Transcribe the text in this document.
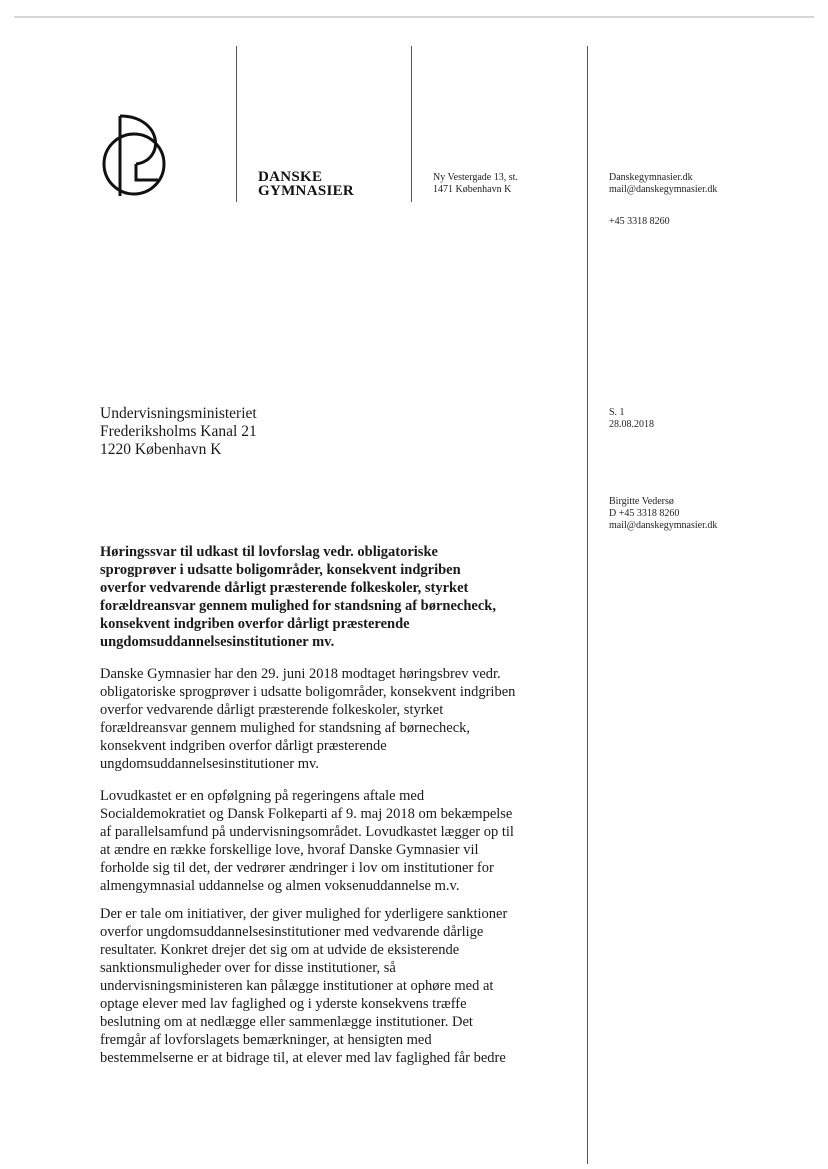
DANSKE
GYMNASIER
Ny Vestergade 13, st.
1471 København K
Danskegymnasier.dk
mail@danskegymnasier.dk
+45 3318 8260
Undervisningsministeriet
Frederiksholms Kanal 21
1220 København K
S. 1
28.08.2018
Birgitte Vedersø
D +45 3318 8260
mail@danskegymnasier.dk
Høringssvar til udkast til lovforslag vedr. obligatoriske
sprogprøver i udsatte boligområder, konsekvent indgriben
overfor vedvarende dårligt præsterende folkeskoler, styrket
forældreansvar gennem mulighed for standsning af børnecheck,
konsekvent indgriben overfor dårligt præsterende
ungdomsuddannelsesinstitutioner mv.
Danske Gymnasier har den 29. juni 2018 modtaget høringsbrev vedr.
obligatoriske sprogprøver i udsatte boligområder, konsekvent indgriben
overfor vedvarende dårligt præsterende folkeskoler, styrket
forældreansvar gennem mulighed for standsning af børnecheck,
konsekvent indgriben overfor dårligt præsterende
ungdomsuddannelsesinstitutioner mv.
Lovudkastet er en opfølgning på regeringens aftale med
Socialdemokratiet og Dansk Folkeparti af 9. maj 2018 om bekæmpelse
af parallelsamfund på undervisningsområdet. Lovudkastet lægger op til
at ændre en række forskellige love, hvoraf Danske Gymnasier vil
forholde sig til det, der vedrører ændringer i lov om institutioner for
almengymnasial uddannelse og almen voksenuddannelse m.v.
Der er tale om initiativer, der giver mulighed for yderligere sanktioner
overfor ungdomsuddannelsesinstitutioner med vedvarende dårlige
resultater. Konkret drejer det sig om at udvide de eksisterende
sanktionsmuligheder over for disse institutioner, så
undervisningsministeren kan pålægge institutioner at ophøre med at
optage elever med lav faglighed og i yderste konsekvens træffe
beslutning om at nedlægge eller sammenlægge institutioner. Det
fremgår af lovforslagets bemærkninger, at hensigten med
bestemmelserne er at bidrage til, at elever med lav faglighed får bedre
